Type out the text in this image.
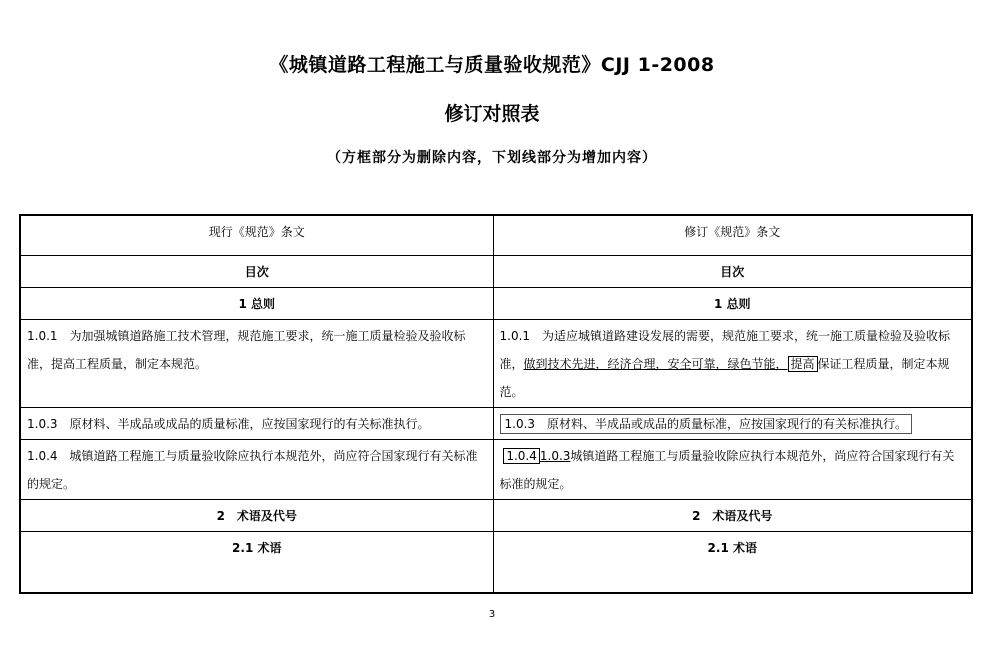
《城镇道路工程施工与质量验收规范》CJJ 1-2008
修订对照表
（方框部分为删除内容，下划线部分为增加内容）
现行《规范》条文	修订《规范》条文
目次	目次
1 总则	1 总则
1.0.1　为加强城镇道路施工技术管理，规范施工要求，统一施工质量检验及验收标准，提高工程质量，制定本规范。	1.0.1　为适应城镇道路建设发展的需要，规范施工要求，统一施工质量检验及验收标准，做到技术先进，经济合理，安全可靠，绿色节能， 提高 保证工程质量，制定本规范。
1.0.3　原材料、半成品或成品的质量标准，应按国家现行的有关标准执行。	1.0.3　原材料、半成品或成品的质量标准，应按国家现行的有关标准执行。
1.0.4　城镇道路工程施工与质量验收除应执行本规范外，尚应符合国家现行有关标准的规定。	1.0.4 1.0.3城镇道路工程施工与质量验收除应执行本规范外，尚应符合国家现行有关标准的规定。
2　术语及代号	2　术语及代号
2.1 术语	2.1 术语
3
